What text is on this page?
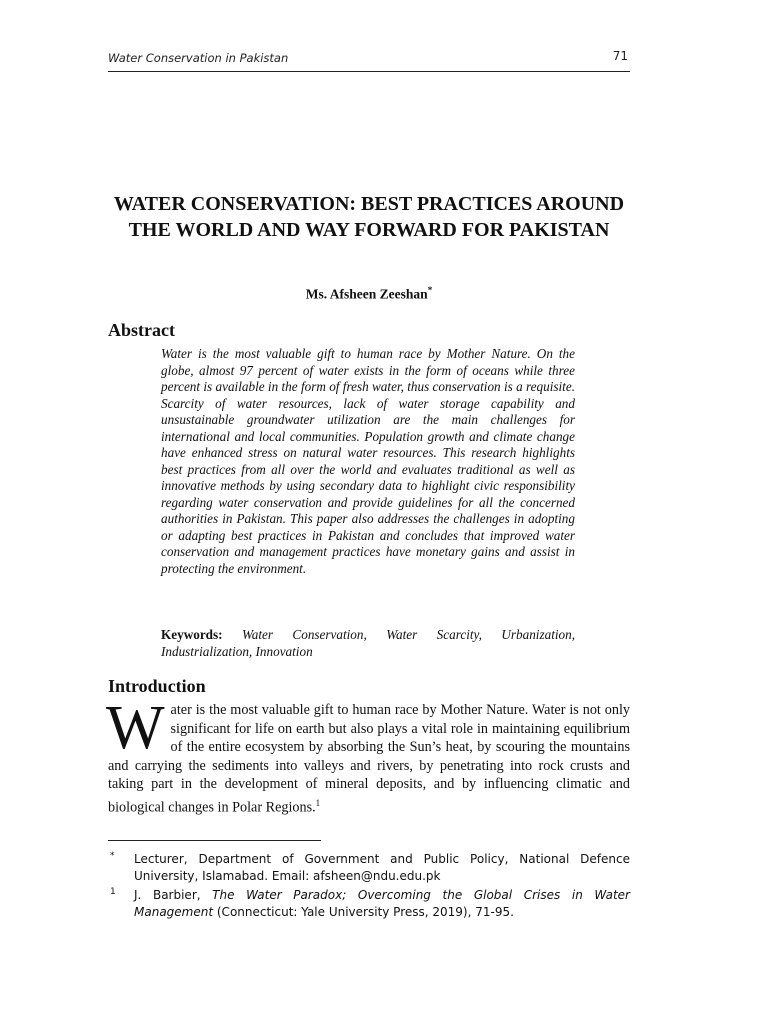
Water Conservation in Pakistan	71
WATER CONSERVATION: BEST PRACTICES AROUND THE WORLD AND WAY FORWARD FOR PAKISTAN
Ms. Afsheen Zeeshan*
Abstract

Water is the most valuable gift to human race by Mother Nature. On the globe, almost 97 percent of water exists in the form of oceans while three percent is available in the form of fresh water, thus conservation is a requisite. Scarcity of water resources, lack of water storage capability and unsustainable groundwater utilization are the main challenges for international and local communities. Population growth and climate change have enhanced stress on natural water resources. This research highlights best practices from all over the world and evaluates traditional as well as innovative methods by using secondary data to highlight civic responsibility regarding water conservation and provide guidelines for all the concerned authorities in Pakistan. This paper also addresses the challenges in adopting or adapting best practices in Pakistan and concludes that improved water conservation and management practices have monetary gains and assist in protecting the environment.

Keywords: Water Conservation, Water Scarcity, Urbanization, Industrialization, Innovation

Introduction

Water is the most valuable gift to human race by Mother Nature. Water is not only significant for life on earth but also plays a vital role in maintaining equilibrium of the entire ecosystem by absorbing the Sun’s heat, by scouring the mountains and carrying the sediments into valleys and rivers, by penetrating into rock crusts and taking part in the development of mineral deposits, and by influencing climatic and biological changes in Polar Regions.$^1$

* Lecturer, Department of Government and Public Policy, National Defence University, Islamabad. Email: afsheen@ndu.edu.pk
1 J. Barbier, The Water Paradox; Overcoming the Global Crises in Water Management (Connecticut: Yale University Press, 2019), 71-95.
